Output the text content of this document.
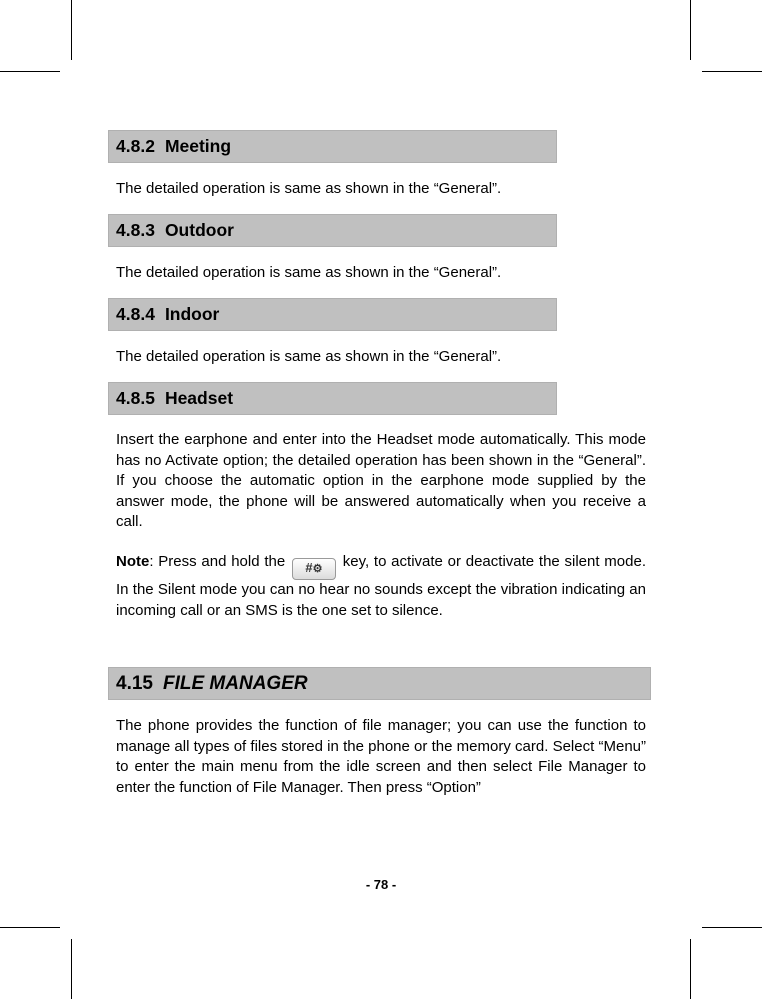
4.8.2 Meeting
The detailed operation is same as shown in the “General”.
4.8.3 Outdoor
The detailed operation is same as shown in the “General”.
4.8.4 Indoor
The detailed operation is same as shown in the “General”.
4.8.5 Headset
Insert the earphone and enter into the Headset mode automatically. This mode has no Activate option; the detailed operation has been shown in the “General”. If you choose the automatic option in the earphone mode supplied by the answer mode, the phone will be answered automatically when you receive a call.
Note: Press and hold the #⚙ key, to activate or deactivate the silent mode. In the Silent mode you can no hear no sounds except the vibration indicating an incoming call or an SMS is the one set to silence.
4.15 FILE MANAGER
The phone provides the function of file manager; you can use the function to manage all types of files stored in the phone or the memory card. Select “Menu” to enter the main menu from the idle screen and then select File Manager to enter the function of File Manager. Then press “Option”
- 78 -
